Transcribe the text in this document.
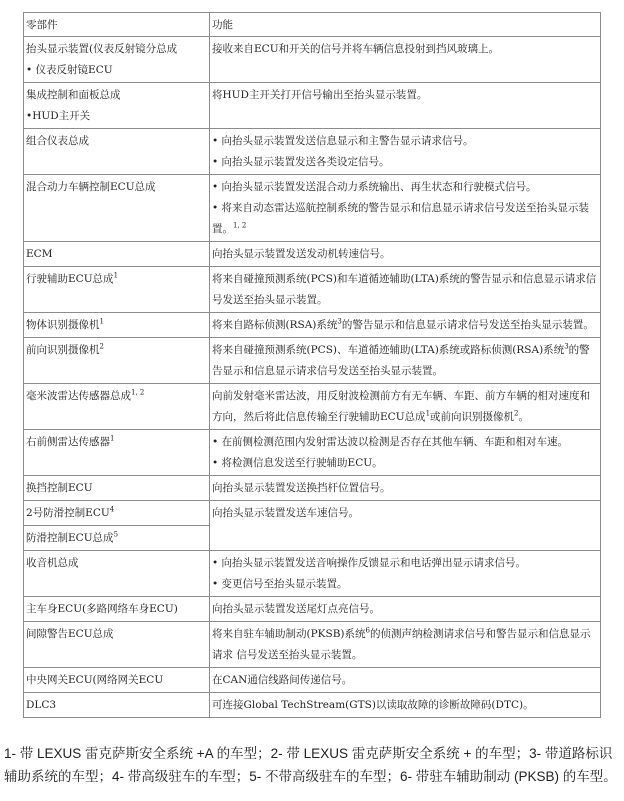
零部件	功能

抬头显示装置(仪表反射镜分总成
• 仪表反射镜ECU	接收来自ECU和开关的信号并将车辆信息投射到挡风玻璃上。

集成控制和面板总成
•HUD主开关	将HUD主开关打开信号输出至抬头显示装置。

组合仪表总成	• 向抬头显示装置发送信息显示和主警告显示请求信号。
• 向抬头显示装置发送各类设定信号。

混合动力车辆控制ECU总成	• 向抬头显示装置发送混合动力系统输出、再生状态和行驶模式信号。
• 将来自动态雷达巡航控制系统的警告显示和信息显示请求信号发送至抬头显示装置。$^{1, 2}$

ECM	向抬头显示装置发送发动机转速信号。

行驶辅助ECU总成$^1$	将来自碰撞预测系统(PCS)和车道循迹辅助(LTA)系统的警告显示和信息显示请求信号发送至抬头显示装置。

物体识别摄像机$^1$	将来自路标侦测(RSA)系统$^3$的警告显示和信息显示请求信号发送至抬头显示装置。

前向识别摄像机$^2$	将来自碰撞预测系统(PCS)、车道循迹辅助(LTA)系统或路标侦测(RSA)系统$^3$的警告显示和信息显示请求信号发送至抬头显示装置。

毫米波雷达传感器总成$^{1, 2}$	向前发射毫米雷达波，用反射波检测前方有无车辆、车距、前方车辆的相对速度和方向，然后将此信息传输至行驶辅助ECU总成$^1$或前向识别摄像机$^2$。

右前侧雷达传感器$^1$	• 在前侧检测范围内发射雷达波以检测是否存在其他车辆、车距和相对车速。
• 将检测信息发送至行驶辅助ECU。

换挡控制ECU	向抬头显示装置发送换挡杆位置信号。

2号防滑控制ECU$^4$	向抬头显示装置发送车速信号。

防滑控制ECU总成$^5$

收音机总成	• 向抬头显示装置发送音响操作反馈显示和电话弹出显示请求信号。
• 变更信号至抬头显示装置。

主车身ECU(多路网络车身ECU)	向抬头显示装置发送尾灯点亮信号。

间隙警告ECU总成	将来自驻车辅助制动(PKSB)系统$^6$的侦测声纳检测请求信号和警告显示和信息显示请求 信号发送至抬头显示装置。

中央网关ECU(网络网关ECU	在CAN通信线路间传递信号。

DLC3	可连接Global TechStream(GTS)以读取故障的诊断故障码(DTC)。
1- 带 LEXUS 雷克萨斯安全系统 +A 的车型；2- 带 LEXUS 雷克萨斯安全系统 + 的车型；3- 带道路标识辅助系统的车型；4- 带高级驻车的车型；5- 不带高级驻车的车型；6- 带驻车辅助制动 (PKSB) 的车型。
